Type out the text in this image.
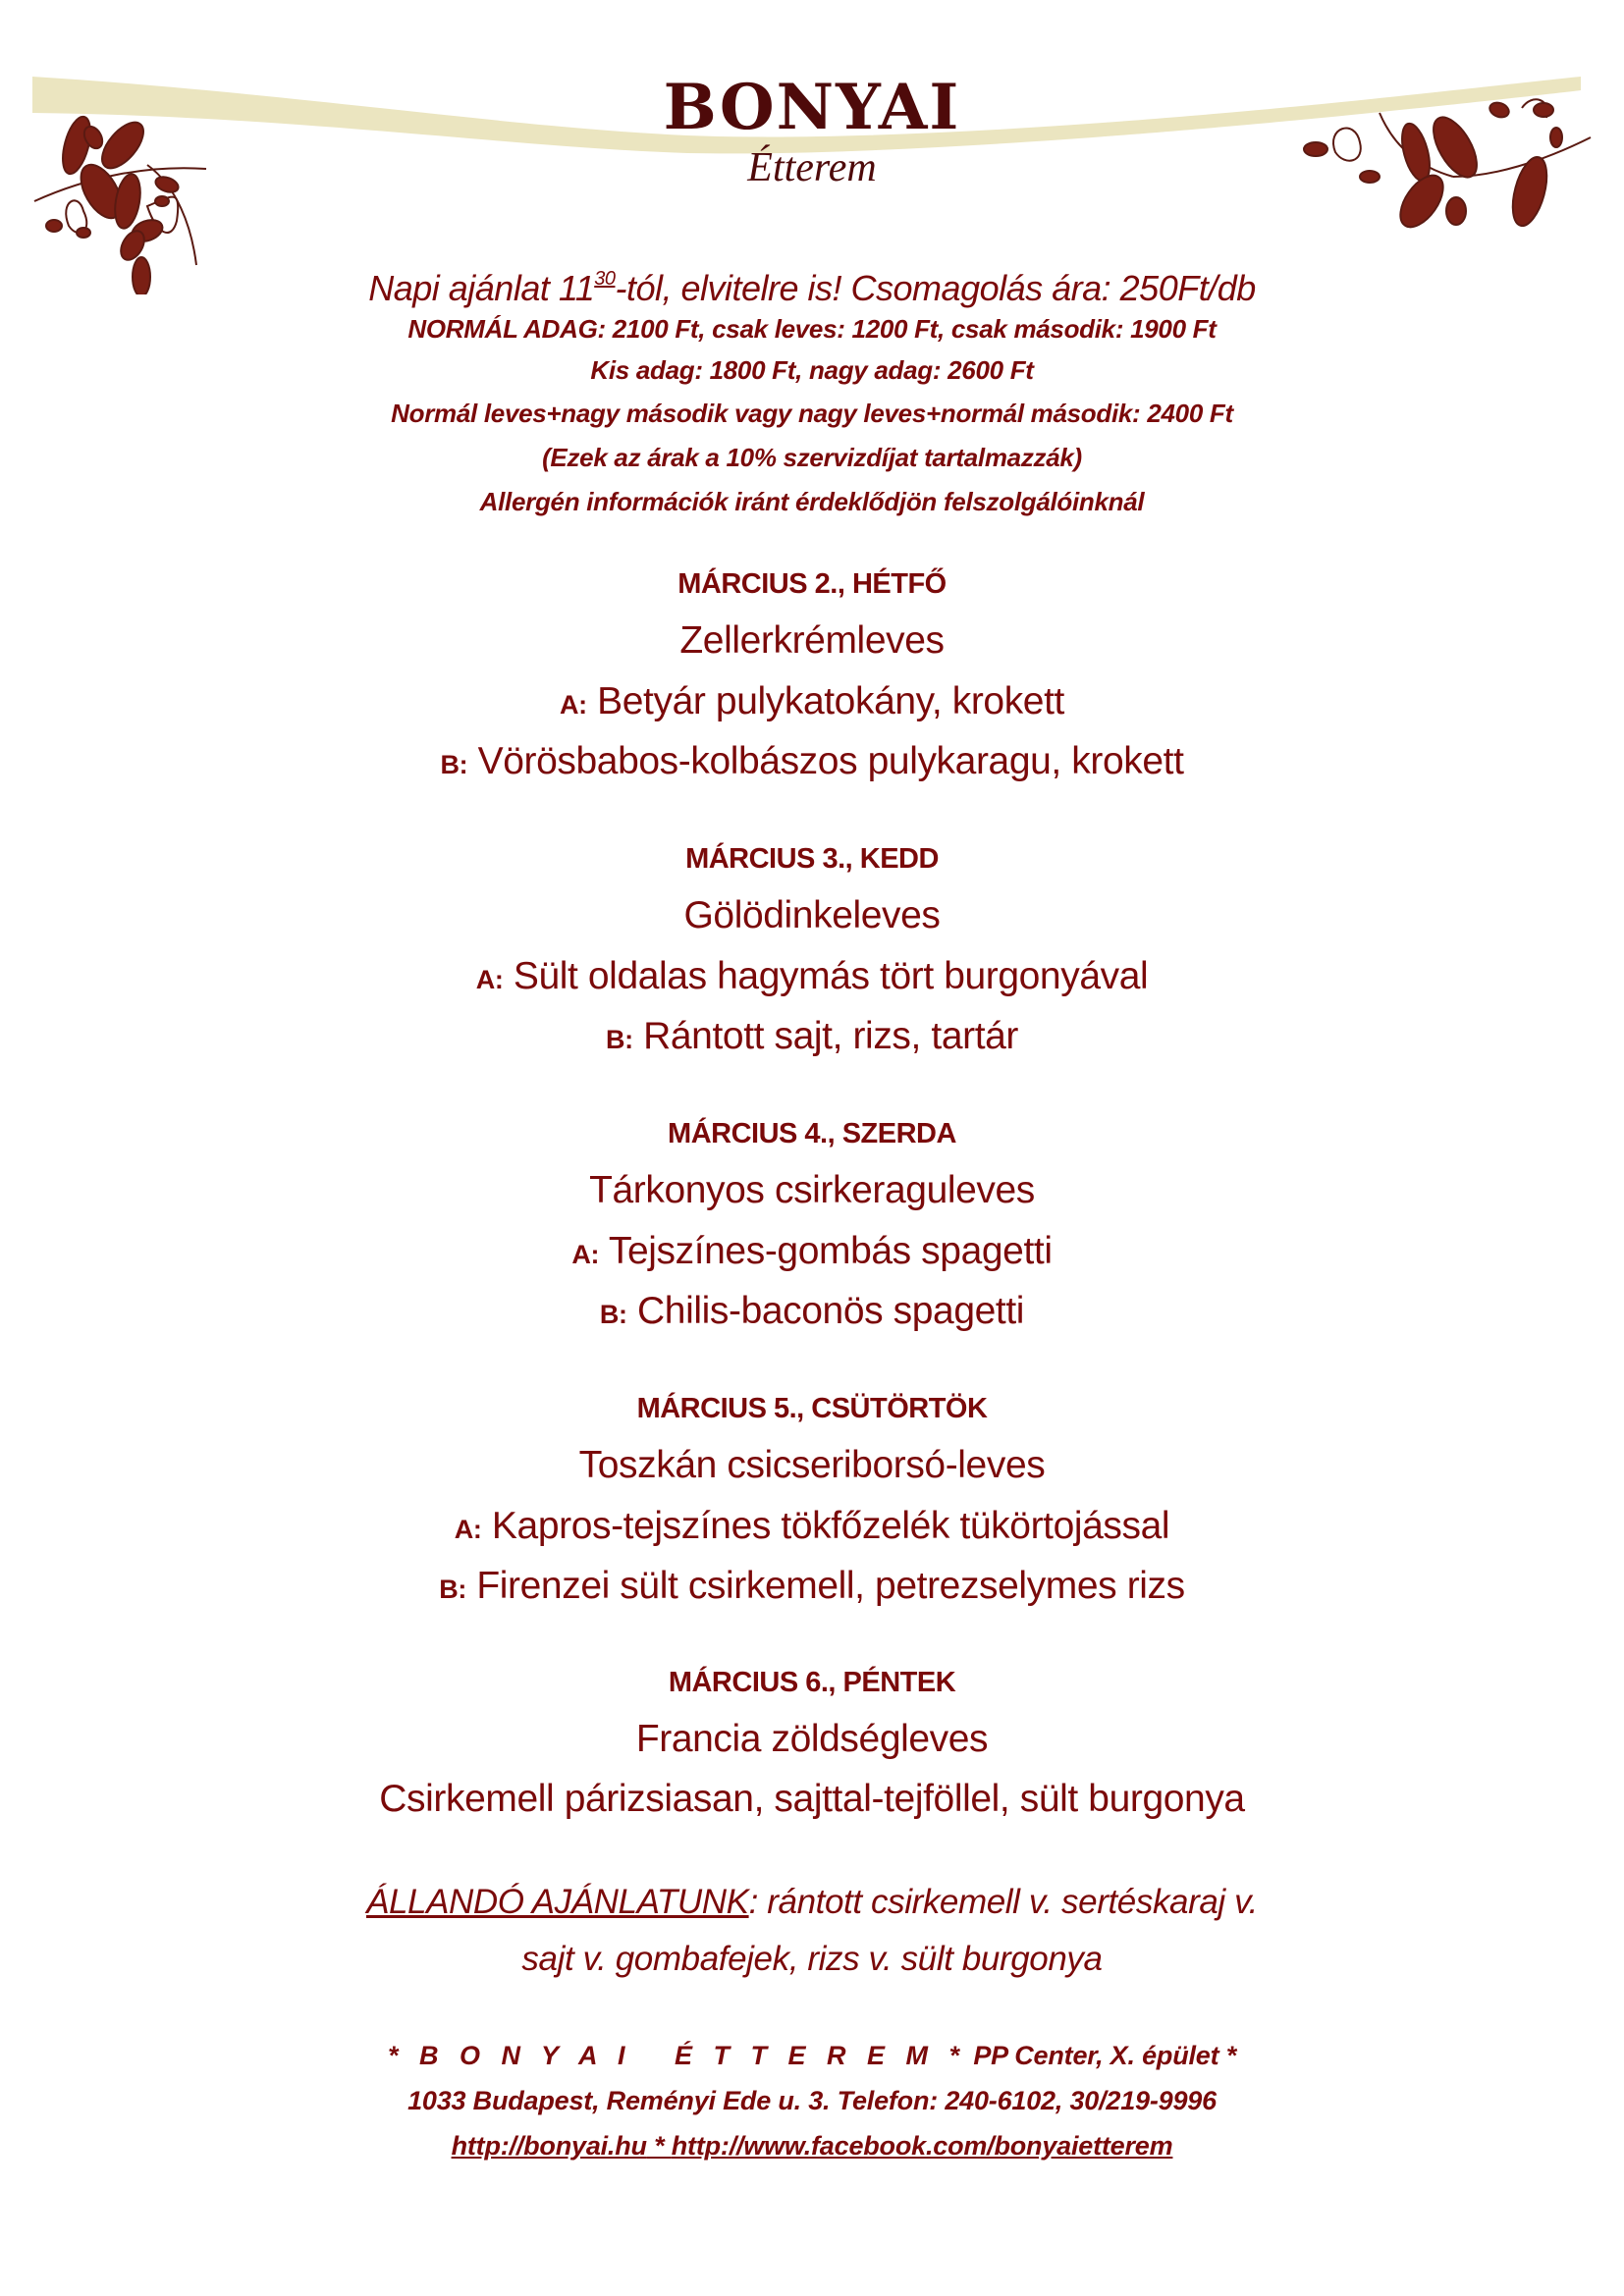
BONYAI
Étterem
Napi ajánlat $11^{30}$-tól, elvitelre is! Csomagolás ára: 250Ft/db
NORMÁL ADAG: 2100 Ft, csak leves: 1200 Ft, csak második: 1900 Ft
Kis adag: 1800 Ft, nagy adag: 2600 Ft
Normál leves+nagy második vagy nagy leves+normál második: 2400 Ft
(Ezek az árak a 10% szervizdíjat tartalmazzák)
Allergén információk iránt érdeklődjön felszolgálóinknál
MÁRCIUS 2., HÉTFŐ
Zellerkrémleves
A: Betyár pulykatokány, krokett
B: Vörösbabos-kolbászos pulykaragu, krokett
MÁRCIUS 3., KEDD
Gölödinkeleves
A: Sült oldalas hagymás tört burgonyával
B: Rántott sajt, rizs, tartár
MÁRCIUS 4., SZERDA
Tárkonyos csirkeraguleves
A: Tejszínes-gombás spagetti
B: Chilis-baconös spagetti
MÁRCIUS 5., CSÜTÖRTÖK
Toszkán csicseriborsó-leves
A: Kapros-tejszínes tökfőzelék tükörtojással
B: Firenzei sült csirkemell, petrezselymes rizs
MÁRCIUS 6., PÉNTEK
Francia zöldségleves
Csirkemell párizsiasan, sajttal-tejföllel, sült burgonya
ÁLLANDÓ AJÁNLATUNK: rántott csirkemell v. sertéskaraj v.
sajt v. gombafejek, rizs v. sült burgonya
* B O N Y A I   É T T E R E M * PP Center, X. épület *
1033 Budapest, Reményi Ede u. 3. Telefon: 240-6102, 30/219-9996
http://bonyai.hu * http://www.facebook.com/bonyaietterem
